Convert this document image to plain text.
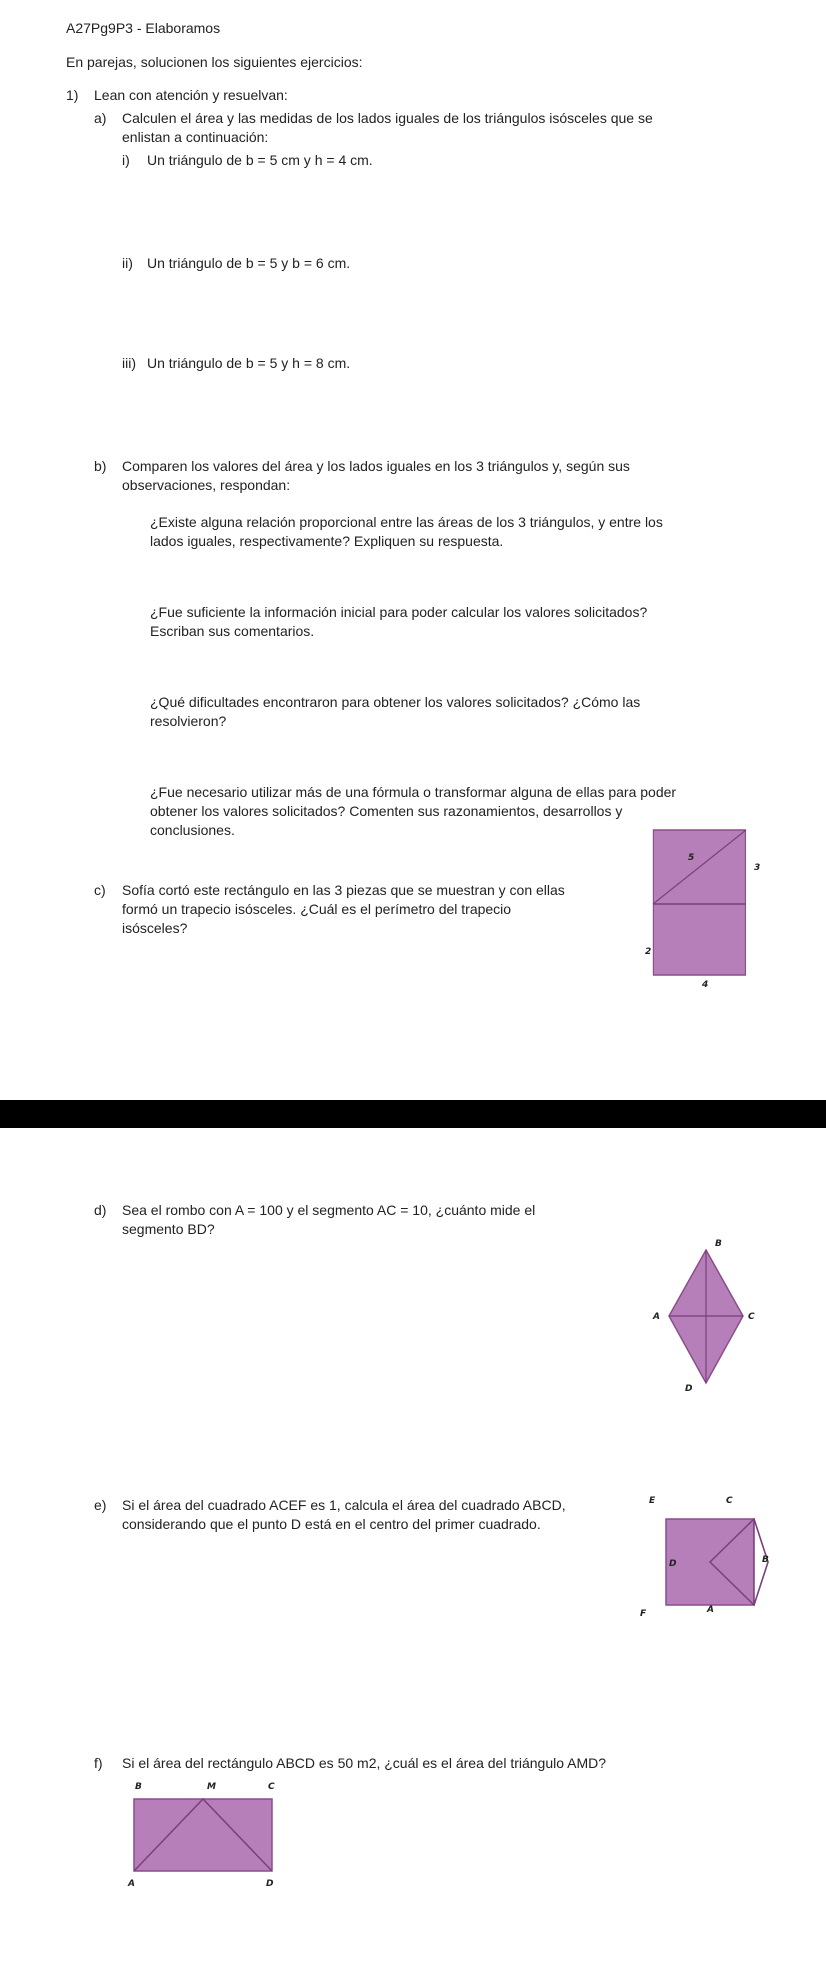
A27Pg9P3 - Elaboramos
En parejas, solucionen los siguientes ejercicios:
1) Lean con atención y resuelvan:
a) Calculen el área y las medidas de los lados iguales de los triángulos isósceles que se
enlistan a continuación:
i) Un triángulo de b = 5 cm y h = 4 cm.
ii) Un triángulo de b = 5 y b = 6 cm.
iii) Un triángulo de b = 5 y h = 8 cm.
b) Comparen los valores del área y los lados iguales en los 3 triángulos y, según sus
observaciones, respondan:
¿Existe alguna relación proporcional entre las áreas de los 3 triángulos, y entre los
lados iguales, respectivamente? Expliquen su respuesta.
¿Fue suficiente la información inicial para poder calcular los valores solicitados?
Escriban sus comentarios.
¿Qué dificultades encontraron para obtener los valores solicitados? ¿Cómo las
resolvieron?
¿Fue necesario utilizar más de una fórmula o transformar alguna de ellas para poder
obtener los valores solicitados? Comenten sus razonamientos, desarrollos y
conclusiones.
c) Sofía cortó este rectángulo en las 3 piezas que se muestran y con ellas
formó un trapecio isósceles. ¿Cuál es el perímetro del trapecio
isósceles?
5
3
2
4
d) Sea el rombo con A = 100 y el segmento AC = 10, ¿cuánto mide el
segmento BD?
B
A	C
D
e) Si el área del cuadrado ACEF es 1, calcula el área del cuadrado ABCD,
considerando que el punto D está en el centro del primer cuadrado.
E	C
D	B
F	A
f) Si el área del rectángulo ABCD es 50 m2, ¿cuál es el área del triángulo AMD?
B	M	C
A	D
